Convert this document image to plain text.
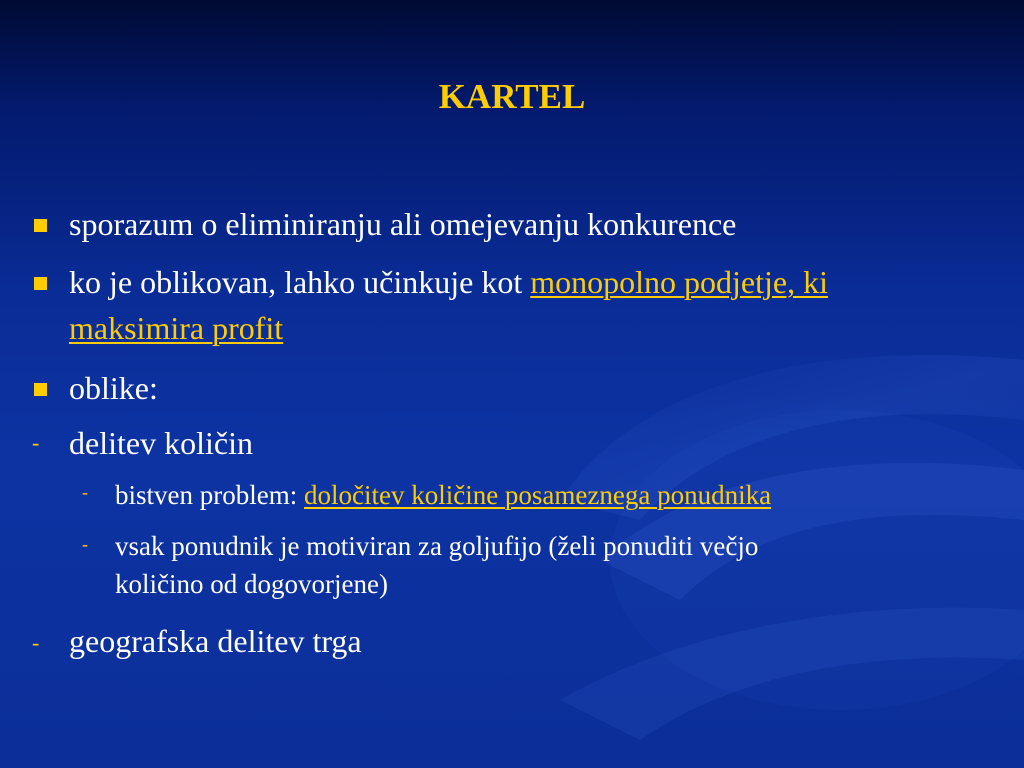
KARTEL
sporazum o eliminiranju ali omejevanju konkurence
ko je oblikovan, lahko učinkuje kot monopolno podjetje, ki
maksimira profit
oblike:
- delitev količin
- bistven problem: določitev količine posameznega ponudnika
- vsak ponudnik je motiviran za goljufijo (želi ponuditi večjo
količino od dogovorjene)
- geografska delitev trga
